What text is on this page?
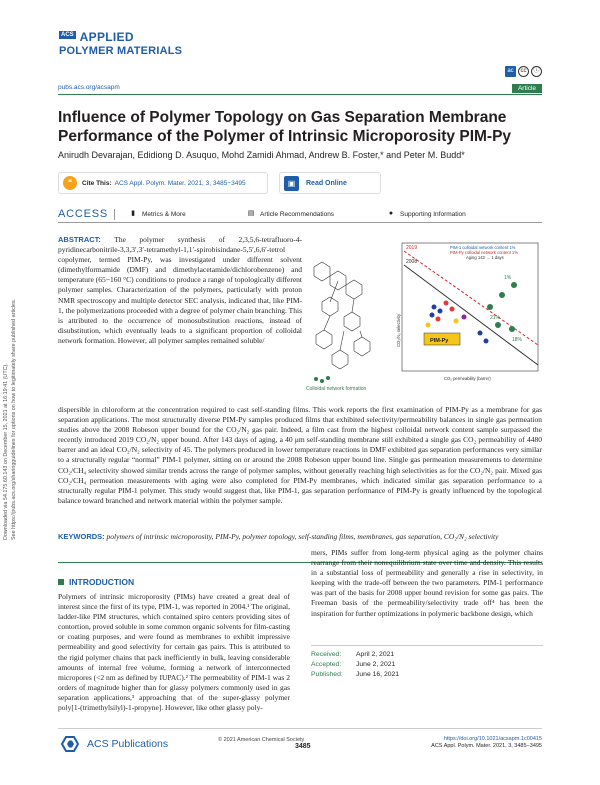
Downloaded via 54.175.60.143 on December 15, 2021 at 16:19:41 (UTC). See https://pubs.acs.org/sharingguidelines for options on how to legitimately share published articles.
ACS APPLIED
POLYMER MATERIALS
ac	cc	ⓘ
pubs.acs.org/acsapm	Article
Influence of Polymer Topology on Gas Separation Membrane Performance of the Polymer of Intrinsic Microporosity PIM-Py
Anirudh Devarajan, Edidiong D. Asuquo, Mohd Zamidi Ahmad, Andrew B. Foster,* and Peter M. Budd*
❝	Cite This: ACS Appl. Polym. Mater. 2021, 3, 3485−3495	▣	Read Online
ACCESS	▮	Metrics & More	▤ Article Recommendations	● Supporting Information
ABSTRACT: The polymer synthesis of 2,3,5,6-tetrafluoro-4-pyridinecarbonitrile-3,3,3′,3′-tetramethyl-1,1′-spirobisindane-5,5′,6,6′-tetrol copolymer, termed PIM-Py, was investigated under different solvent (dimethylformamide (DMF) and dimethylacetamide/dichlorobenzene) and temperature (65−160 °C) conditions to produce a range of topologically different polymer samples. Characterization of the polymers, particularly with proton NMR spectroscopy and multiple detector SEC analysis, indicated that, like PIM-1, the polymerizations proceeded with a degree of polymer chain branching. This is attributed to the occurrence of monosubstitution reactions, instead of disubstitution, which eventually leads to a significant proportion of colloidal network formation. However, all polymer samples remained soluble/
Colloidal network formation
2019
2008
PIM-1 colloidal network content 1%
PIM-Py colloidal network content 1%
Aging 143 → 1 days
PIM-Py
1%
21%
18%
CO₂ permeability (barrer)
CO₂/N₂ selectivity
dispersible in chloroform at the concentration required to cast self-standing films. This work reports the first examination of PIM-Py as a membrane for gas separation applications. The most structurally diverse PIM-Py samples produced films that exhibited selectivity/permeability balances in single gas permeation studies above the 2008 Robeson upper bound for the CO₂/N₂ gas pair. Indeed, a film cast from the highest colloidal network content sample surpassed the recently introduced 2019 CO₂/N₂ upper bound. After 143 days of aging, a 40 μm self-standing membrane still exhibited a single gas CO₂ permeability of 4480 barrer and an ideal CO₂/N₂ selectivity of 45. The polymers produced in lower temperature reactions in DMF exhibited gas separation performances very similar to a structurally regular “normal” PIM-1 polymer, sitting on or around the 2008 Robeson upper bound line. Single gas permeation measurements to determine CO₂/CH₄ selectivity showed similar trends across the range of polymer samples, without generally reaching high selectivities as for the CO₂/N₂ pair. Mixed gas CO₂/CH₄ permeation measurements with aging were also completed for PIM-Py membranes, which indicated similar gas separation performance to a structurally regular PIM-1 polymer. This study would suggest that, like PIM-1, gas separation performance of PIM-Py is greatly influenced by the topological balance toward branched and network material within the polymer sample.
KEYWORDS: polymers of intrinsic microporosity, PIM-Py, polymer topology, self-standing films, membranes, gas separation, CO₂/N₂ selectivity
INTRODUCTION
Polymers of intrinsic microporosity (PIMs) have created a great deal of interest since the first of its type, PIM-1, was reported in 2004.¹ The original, ladder-like PIM structures, which contained spiro centers providing sites of contortion, proved soluble in some common organic solvents for film-casting or coating purposes, and were found as membranes to exhibit impressive permeability and good selectivity for certain gas pairs. This is attributed to the rigid polymer chains that pack inefficiently in bulk, leaving considerable amounts of internal free volume, forming a network of interconnected micropores (<2 nm as defined by IUPAC).² The permeability of PIM-1 was 2 orders of magnitude higher than for glassy polymers commonly used in gas separation applications,³ approaching that of the super-glassy polymer poly[1-(trimethylsilyl)-1-propyne]. However, like other glassy poly-
mers, PIMs suffer from long-term physical aging as the polymer chains rearrange from their nonequilibrium state over time and density. This results in a substantial loss of permeability and generally a rise in selectivity, in keeping with the trade-off between the two parameters. PIM-1 performance was part of the basis for 2008 upper bound revision for some gas pairs. The Freeman basis of the permeability/selectivity trade off⁴ has been the inspiration for further optimizations in polymeric backbone design, which
Received: April 2, 2021
Accepted: June 2, 2021
Published: June 16, 2021
ACS Publications	© 2021 American Chemical Society
3485
https://doi.org/10.1021/acsapm.1c00415
ACS Appl. Polym. Mater. 2021, 3, 3485−3495
